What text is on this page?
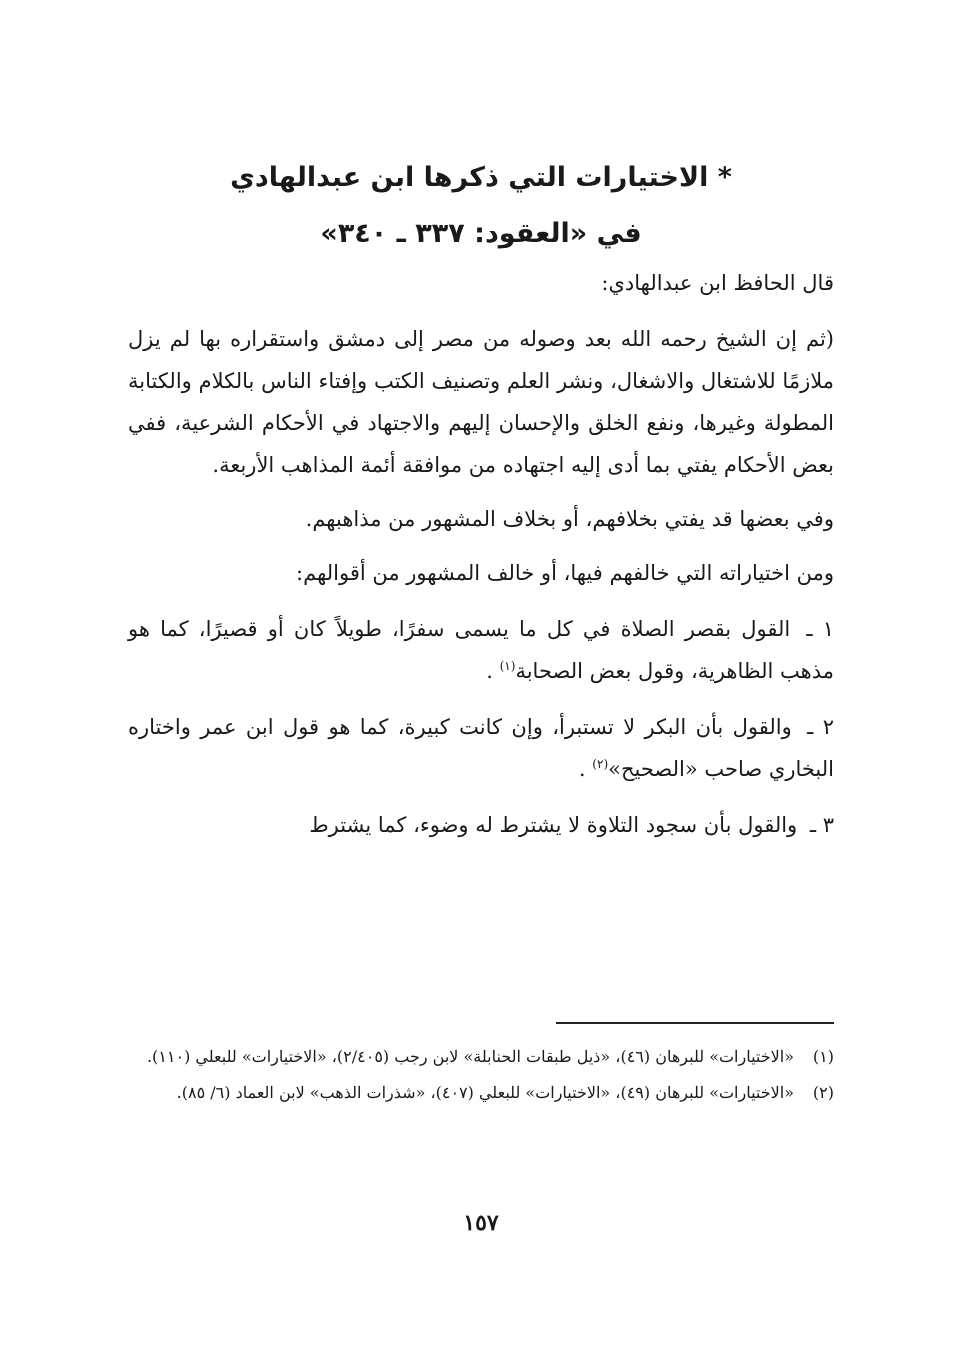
* الاختيارات التي ذكرها ابن عبدالهادي
في «العقود: ٣٣٧ ـ ٣٤٠»

قال الحافظ ابن عبدالهادي:

(ثم إن الشيخ رحمه الله بعد وصوله من مصر إلى دمشق واستقراره بها لم يزل ملازمًا للاشتغال والاشغال، ونشر العلم وتصنيف الكتب وإفتاء الناس بالكلام والكتابة المطولة وغيرها، ونفع الخلق والإحسان إليهم والاجتهاد في الأحكام الشرعية، ففي بعض الأحكام يفتي بما أدى إليه اجتهاده من موافقة أئمة المذاهب الأربعة.

وفي بعضها قد يفتي بخلافهم، أو بخلاف المشهور من مذاهبهم.

ومن اختياراته التي خالفهم فيها، أو خالف المشهور من أقوالهم:

١ ـ القول بقصر الصلاة في كل ما يسمى سفرًا، طويلاً كان أو قصيرًا، كما هو مذهب الظاهرية، وقول بعض الصحابة$^{(١)}$ .
٢ ـ والقول بأن البكر لا تستبرأ، وإن كانت كبيرة، كما هو قول ابن عمر واختاره البخاري صاحب «الصحيح»$^{(٢)}$ .
٣ ـ والقول بأن سجود التلاوة لا يشترط له وضوء، كما يشترط
(١)
«الاختيارات» للبرهان (٤٦)، «ذيل طبقات الحنابلة» لابن رجب (٢/٤٠٥)، «الاختيارات» للبعلي (١١٠).
(٢)
«الاختيارات» للبرهان (٤٩)، «الاختيارات» للبعلي (٤٠٧)، «شذرات الذهب» لابن العماد (٦/ ٨٥).
١٥٧
